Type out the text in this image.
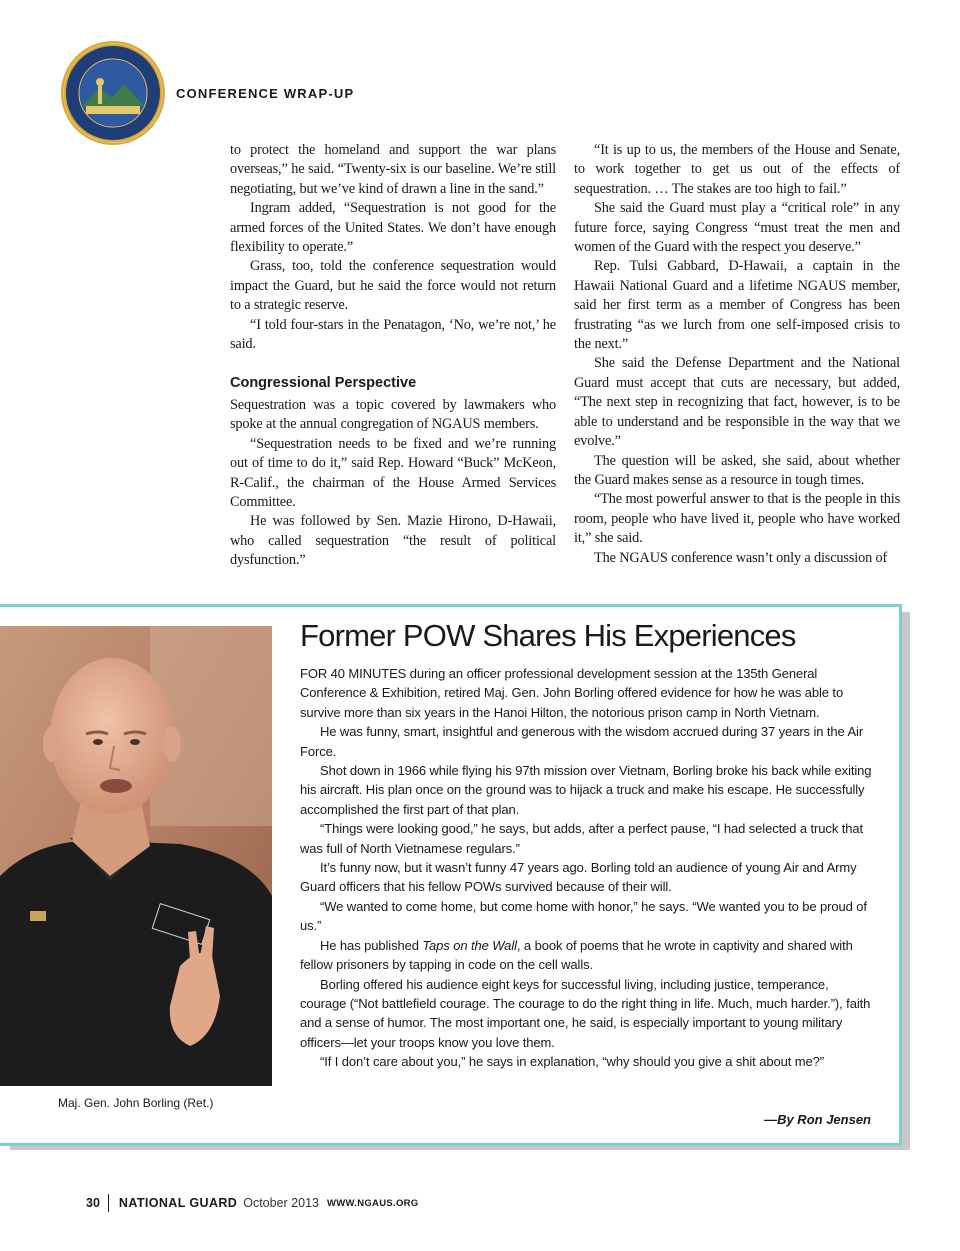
CONFERENCE WRAP-UP

to protect the homeland and support the war plans overseas,” he said. “Twenty-six is our baseline. We’re still negotiating, but we’ve kind of drawn a line in the sand.”

Ingram added, “Sequestration is not good for the armed forces of the United States. We don’t have enough flexibility to operate.”

Grass, too, told the conference sequestration would impact the Guard, but he said the force would not return to a strategic reserve.

“I told four-stars in the Penatagon, ‘No, we’re not,’ he said.

Congressional Perspective

Sequestration was a topic covered by lawmakers who spoke at the annual congregation of NGAUS members.

“Sequestration needs to be fixed and we’re running out of time to do it,” said Rep. Howard “Buck” McKeon, R-Calif., the chairman of the House Armed Services Committee.

He was followed by Sen. Mazie Hirono, D-Hawaii, who called sequestration “the result of political dysfunction.”

“It is up to us, the members of the House and Senate, to work together to get us out of the effects of sequestration. … The stakes are too high to fail.”

She said the Guard must play a “critical role” in any future force, saying Congress “must treat the men and women of the Guard with the respect you deserve.”

Rep. Tulsi Gabbard, D-Hawaii, a captain in the Hawaii National Guard and a lifetime NGAUS member, said her first term as a member of Congress has been frustrating “as we lurch from one self-imposed crisis to the next.”

She said the Defense Department and the National Guard must accept that cuts are necessary, but added, “The next step in recognizing that fact, however, is to be able to understand and be responsible in the way that we evolve.”

The question will be asked, she said, about whether the Guard makes sense as a resource in tough times.

“The most powerful answer to that is the people in this room, people who have lived it, people who have worked it,” she said.

The NGAUS conference wasn’t only a discussion of

Maj. Gen. John Borling (Ret.)
Former POW Shares His Experiences

FOR 40 MINUTES during an officer professional development session at the 135th General Conference & Exhibition, retired Maj. Gen. John Borling offered evidence for how he was able to survive more than six years in the Hanoi Hilton, the notorious prison camp in North Vietnam.

He was funny, smart, insightful and generous with the wisdom accrued during 37 years in the Air Force.

Shot down in 1966 while flying his 97th mission over Vietnam, Borling broke his back while exiting his aircraft. His plan once on the ground was to hijack a truck and make his escape. He successfully accomplished the first part of that plan.

“Things were looking good,” he says, but adds, after a perfect pause, “I had selected a truck that was full of North Vietnamese regulars.”

It’s funny now, but it wasn’t funny 47 years ago. Borling told an audience of young Air and Army Guard officers that his fellow POWs survived because of their will.

“We wanted to come home, but come home with honor,” he says. “We wanted you to be proud of us.”

He has published Taps on the Wall, a book of poems that he wrote in captivity and shared with fellow prisoners by tapping in code on the cell walls.

Borling offered his audience eight keys for successful living, including justice, temperance, courage (“Not battlefield courage. The courage to do the right thing in life. Much, much harder.”), faith and a sense of humor. The most important one, he said, is especially important to young military officers—let your troops know you love them.

“If I don’t care about you,” he says in explanation, “why should you give a shit about me?”

—By Ron Jensen
30 NATIONAL GUARD October 2013 WWW.NGAUS.ORG
